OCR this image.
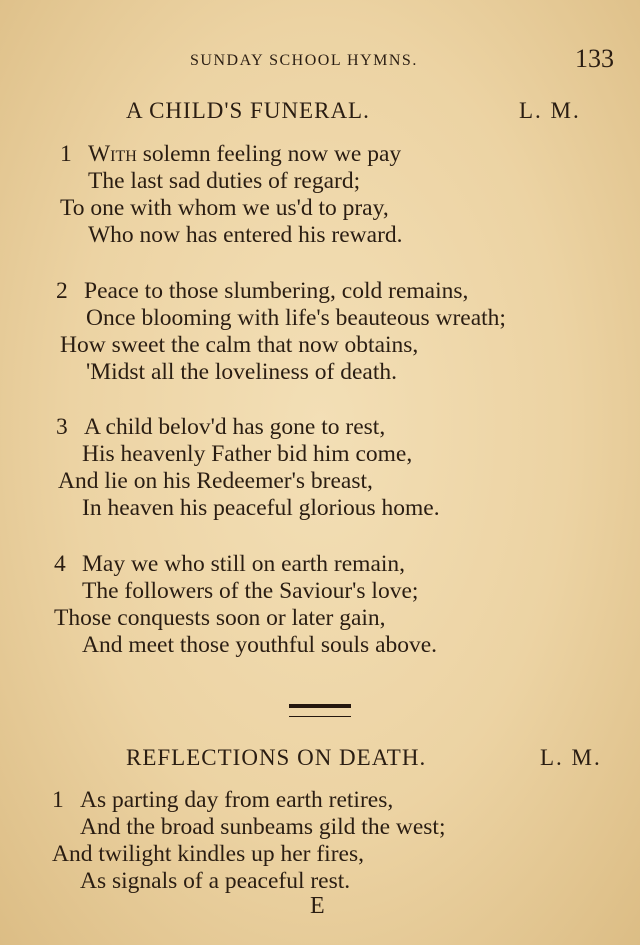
SUNDAY SCHOOL HYMNS.	133
A CHILD'S FUNERAL.	L. M.
1 With solemn feeling now we pay
The last sad duties of regard;
To one with whom we us'd to pray,
Who now has entered his reward.
2 Peace to those slumbering, cold remains,
Once blooming with life's beauteous wreath;
How sweet the calm that now obtains,
'Midst all the loveliness of death.
3 A child belov'd has gone to rest,
His heavenly Father bid him come,
And lie on his Redeemer's breast,
In heaven his peaceful glorious home.
4 May we who still on earth remain,
The followers of the Saviour's love;
Those conquests soon or later gain,
And meet those youthful souls above.
REFLECTIONS ON DEATH.	L. M.
1 As parting day from earth retires,
And the broad sunbeams gild the west;
And twilight kindles up her fires,
As signals of a peaceful rest.
E
